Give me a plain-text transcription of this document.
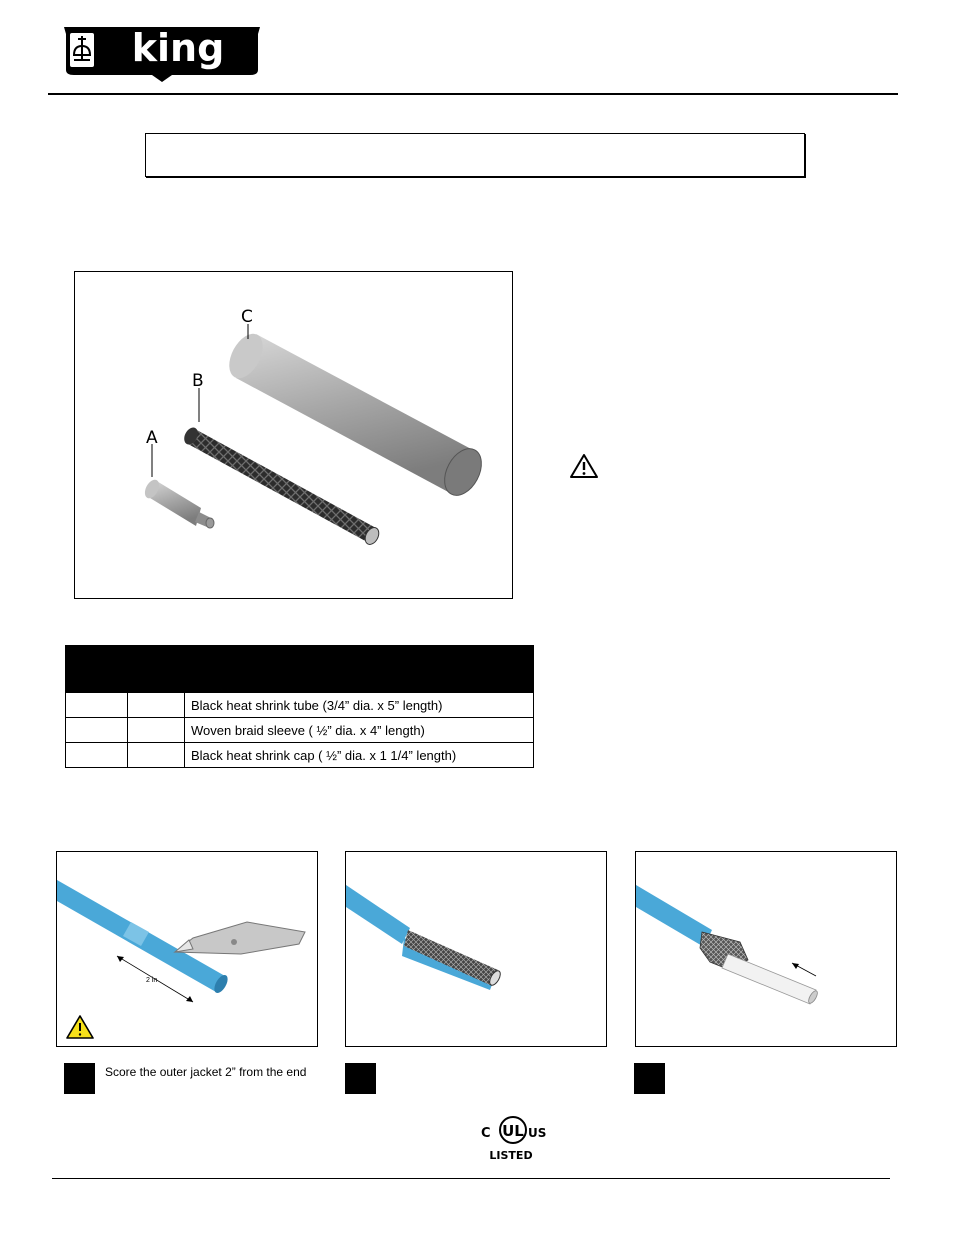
king
C
B
A

		Black heat shrink tube (3/4” dia. x 5” length)
		Woven braid sleeve ( ½” dia. x 4” length)
		Black heat shrink cap ( ½” dia. x 1 1/4” length)
2 in
Score the outer jacket 2” from the end
UL
C	US
LISTED
